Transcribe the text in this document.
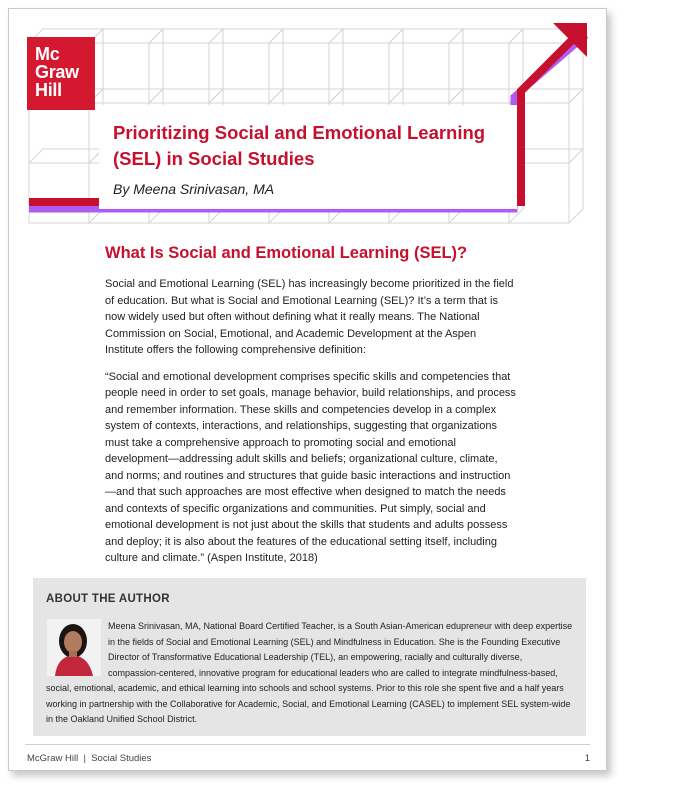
Mc
Graw
Hill
Prioritizing Social and Emotional Learning (SEL) in Social Studies

By Meena Srinivasan, MA

What Is Social and Emotional Learning (SEL)?

Social and Emotional Learning (SEL) has increasingly become prioritized in the field of education. But what is Social and Emotional Learning (SEL)? It’s a term that is now widely used but often without defining what it really means. The National Commission on Social, Emotional, and Academic Development at the Aspen Institute offers the following comprehensive definition:

“Social and emotional development comprises specific skills and competencies that people need in order to set goals, manage behavior, build relationships, and process and remember information. These skills and competencies develop in a complex system of contexts, interactions, and relationships, suggesting that organizations must take a comprehensive approach to promoting social and emotional development—addressing adult skills and beliefs; organizational culture, climate, and norms; and routines and structures that guide basic interactions and instruction—and that such approaches are most effective when designed to match the needs and contexts of specific organizations and communities. Put simply, social and emotional development is not just about the skills that students and adults possess and deploy; it is also about the features of the educational setting itself, including culture and climate.” (Aspen Institute, 2018)

ABOUT THE AUTHOR

Meena Srinivasan, MA, National Board Certified Teacher, is a South Asian-American edupreneur with deep expertise in the fields of Social and Emotional Learning (SEL) and Mindfulness in Education. She is the Founding Executive Director of Transformative Educational Leadership (TEL), an empowering, racially and culturally diverse, compassion-centered, innovative program for educational leaders who are called to integrate mindfulness-based, social, emotional, academic, and ethical learning into schools and school systems. Prior to this role she spent five and a half years working in partnership with the Collaborative for Academic, Social, and Emotional Learning (CASEL) to implement SEL system-wide in the Oakland Unified School District.

McGraw Hill  |  Social Studies	1
